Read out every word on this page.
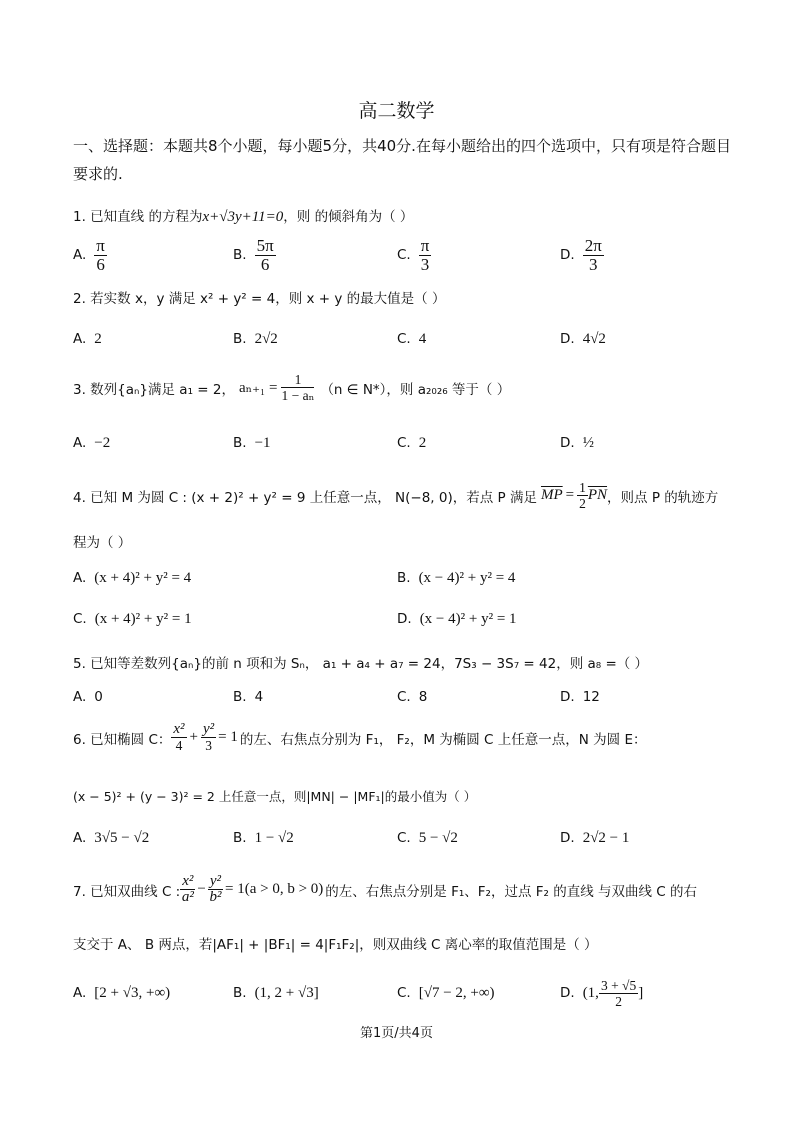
高二数学
一、选择题：本题共8个小题，每小题5分，共40分.在每小题给出的四个选项中，只有项是符合题目要求的.
1. 已知直线 的方程为x+√3y+11=0，则 的倾斜角为（ ）
A. $\frac{\pi}{6}$	B. $\frac{5\pi}{6}$	C. $\frac{\pi}{3}$	D. $\frac{2\pi}{3}$
2. 若实数 x，y 满足 x² + y² = 4，则 x + y 的最大值是（ ）
A. 2	B. 2√2	C. 4	D. 4√2
3. 数列{aₙ}满足 a₁ = 2， $a_{n+1} = \frac{1}{\text{1 − aₙ}} (n$ ∈ N*），则 a₂₀₂₆ 等于（ ）
A. −2	B. −1	C. 2	D. ½
4. 已知 M 为圆 C : (x + 2)² + y² = 9 上任意一点， N(−8, 0)，若点 P 满足 $\overline{MP} = \frac{1}{2} \overline{PN}$ ，则点 P 的轨迹方
程为（ ）
A. (x + 4)² + y² = 4	B. (x − 4)² + y² = 4
C. (x + 4)² + y² = 1	D. (x − 4)² + y² = 1
5. 已知等差数列{aₙ}的前 n 项和为 Sₙ， a₁ + a₄ + a₇ = 24，7S₃ − 3S₇ = 42，则 a₈ =（ ）
A. 0	B. 4	C. 8	D. 12
6. 已知椭圆 C： $\frac{\text{x²}}{4} + \frac{\text{y²}}{3} = 1$ 的左、右焦点分别为 F₁， F₂，M 为椭圆 C 上任意一点，N 为圆 E：
(x − 5)² + (y − 3)² = 2 上任意一点，则|MN| − |MF₁|的最小值为（ ）
A. 3√5 − √2	B. 1 − √2	C. 5 − √2	D. 2√2 − 1
7. 已知双曲线 C : $\frac{\text{x²}}{\text{a²}} - \frac{\text{y²}}{\text{b²}} = 1(a > 0$, b > 0) 的左、右焦点分别是 F₁、F₂，过点 F₂ 的直线 与双曲线 C 的右
支交于 A、 B 两点，若|AF₁| + |BF₁| = 4|F₁F₂|，则双曲线 C 离心率的取值范围是（ ）
A. [2 + √3, +∞)	B. (1, 2 + √3]	C. [√7 − 2, +∞)	D. (1, $\frac{3 + √5}{2}$ ]
第1页/共4页
